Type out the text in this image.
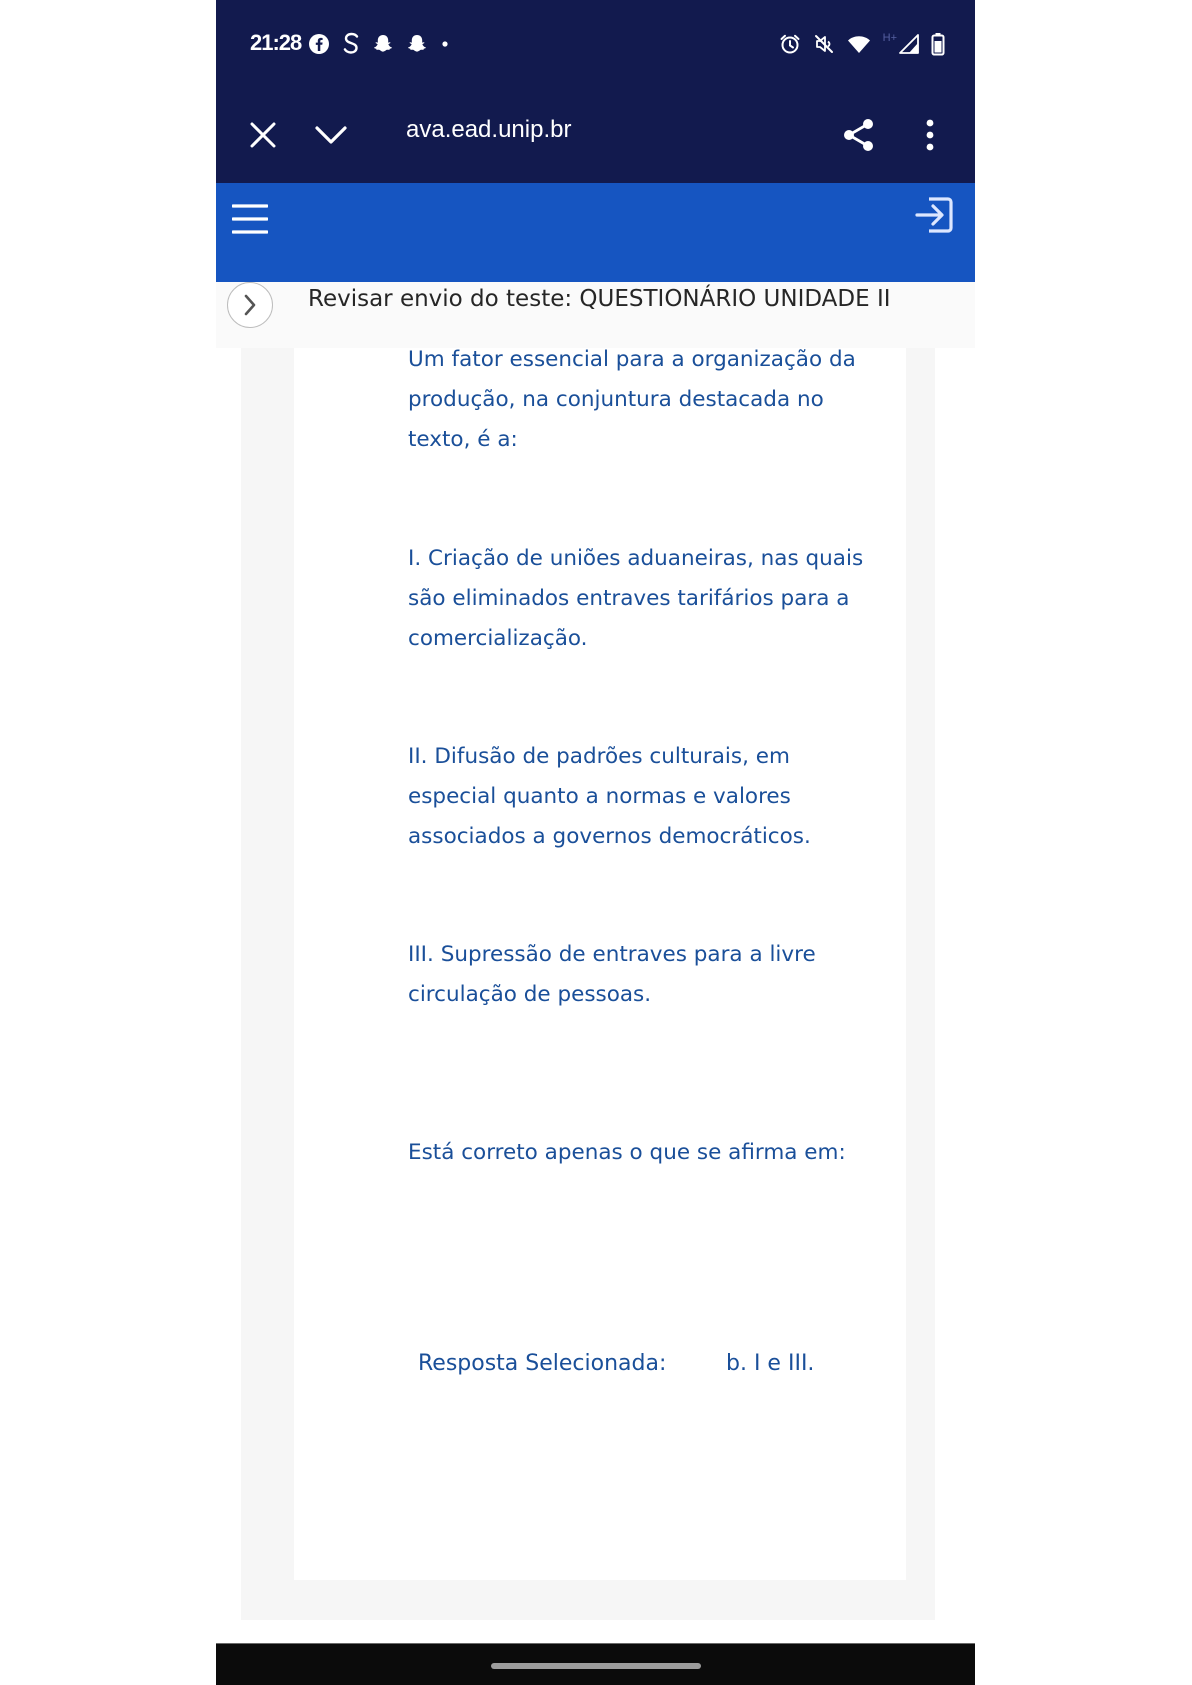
21:28	H+
ava.ead.unip.br
Revisar envio do teste: QUESTIONÁRIO UNIDADE II

Um fator essencial para a organização da produção, na conjuntura destacada no texto, é a:

I. Criação de uniões aduaneiras, nas quais são eliminados entraves tarifários para a comercialização.

II. Difusão de padrões culturais, em especial quanto a normas e valores associados a governos democráticos.

III. Supressão de entraves para a livre circulação de pessoas.

Está correto apenas o que se afirma em:

Resposta Selecionada:	b. I e III.
